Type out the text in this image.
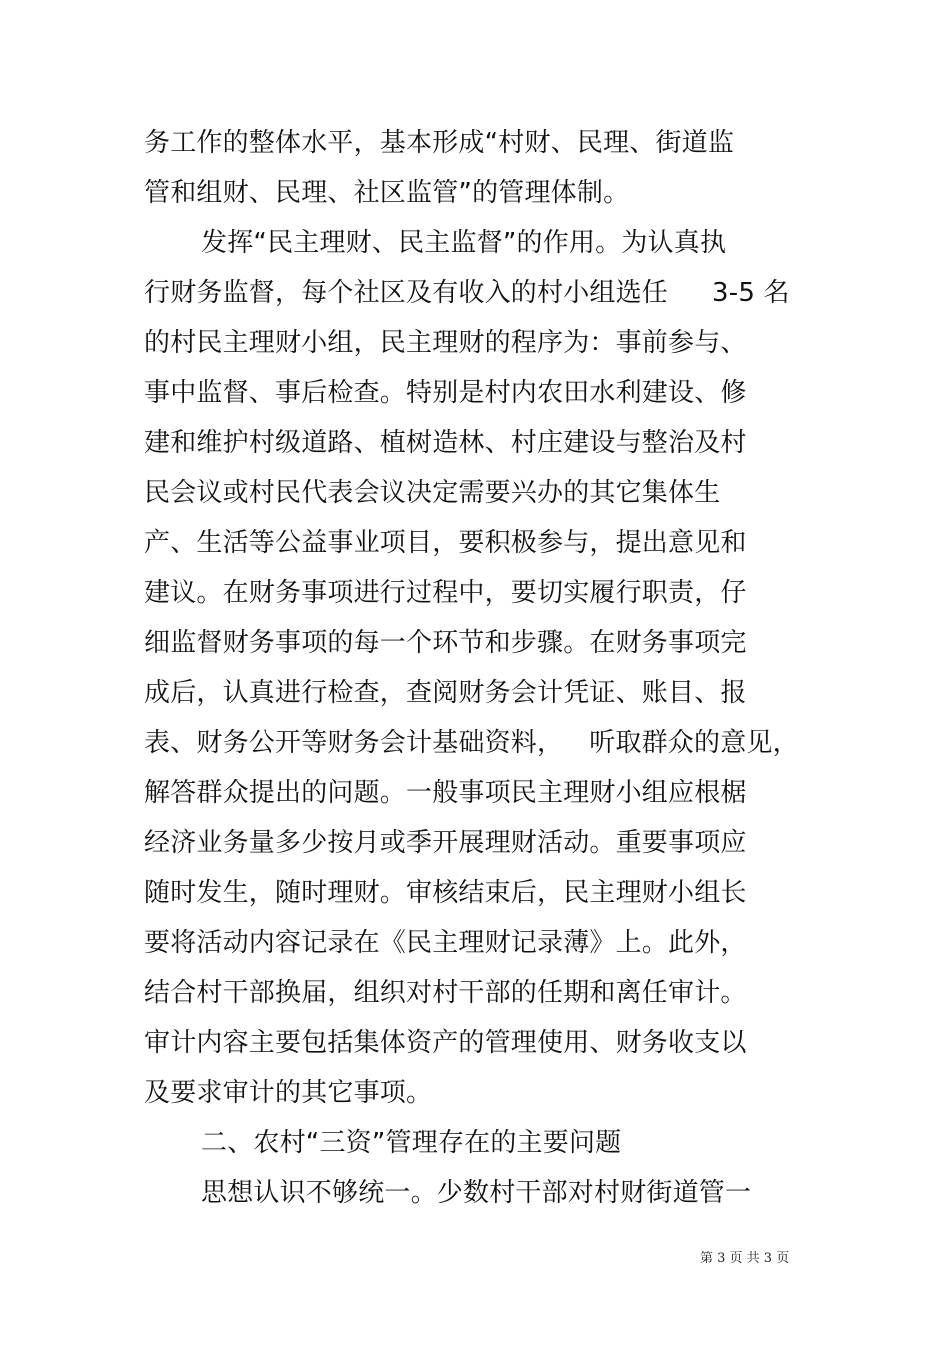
务工作的整体水平，基本形成“村财、民理、街道监
管和组财、民理、社区监管”的管理体制。
发挥“民主理财、民主监督”的作用。为认真执
行财务监督，每个社区及有收入的村小组选任 3-5 名
的村民主理财小组，民主理财的程序为：事前参与、
事中监督、事后检查。特别是村内农田水利建设、修
建和维护村级道路、植树造林、村庄建设与整治及村
民会议或村民代表会议决定需要兴办的其它集体生
产、生活等公益事业项目，要积极参与，提出意见和
建议。在财务事项进行过程中，要切实履行职责，仔
细监督财务事项的每一个环节和步骤。在财务事项完
成后，认真进行检查，查阅财务会计凭证、账目、报
表、财务公开等财务会计基础资料， 听取群众的意见，
解答群众提出的问题。一般事项民主理财小组应根椐
经济业务量多少按月或季开展理财活动。重要事项应
随时发生，随时理财。审核结束后，民主理财小组长
要将活动内容记录在《民主理财记录薄》上。此外，
结合村干部换届，组织对村干部的任期和离任审计。
审计内容主要包括集体资产的管理使用、财务收支以
及要求审计的其它事项。
二、农村“三资”管理存在的主要问题
思想认识不够统一。少数村干部对村财街道管一
第 3 页 共 3 页
